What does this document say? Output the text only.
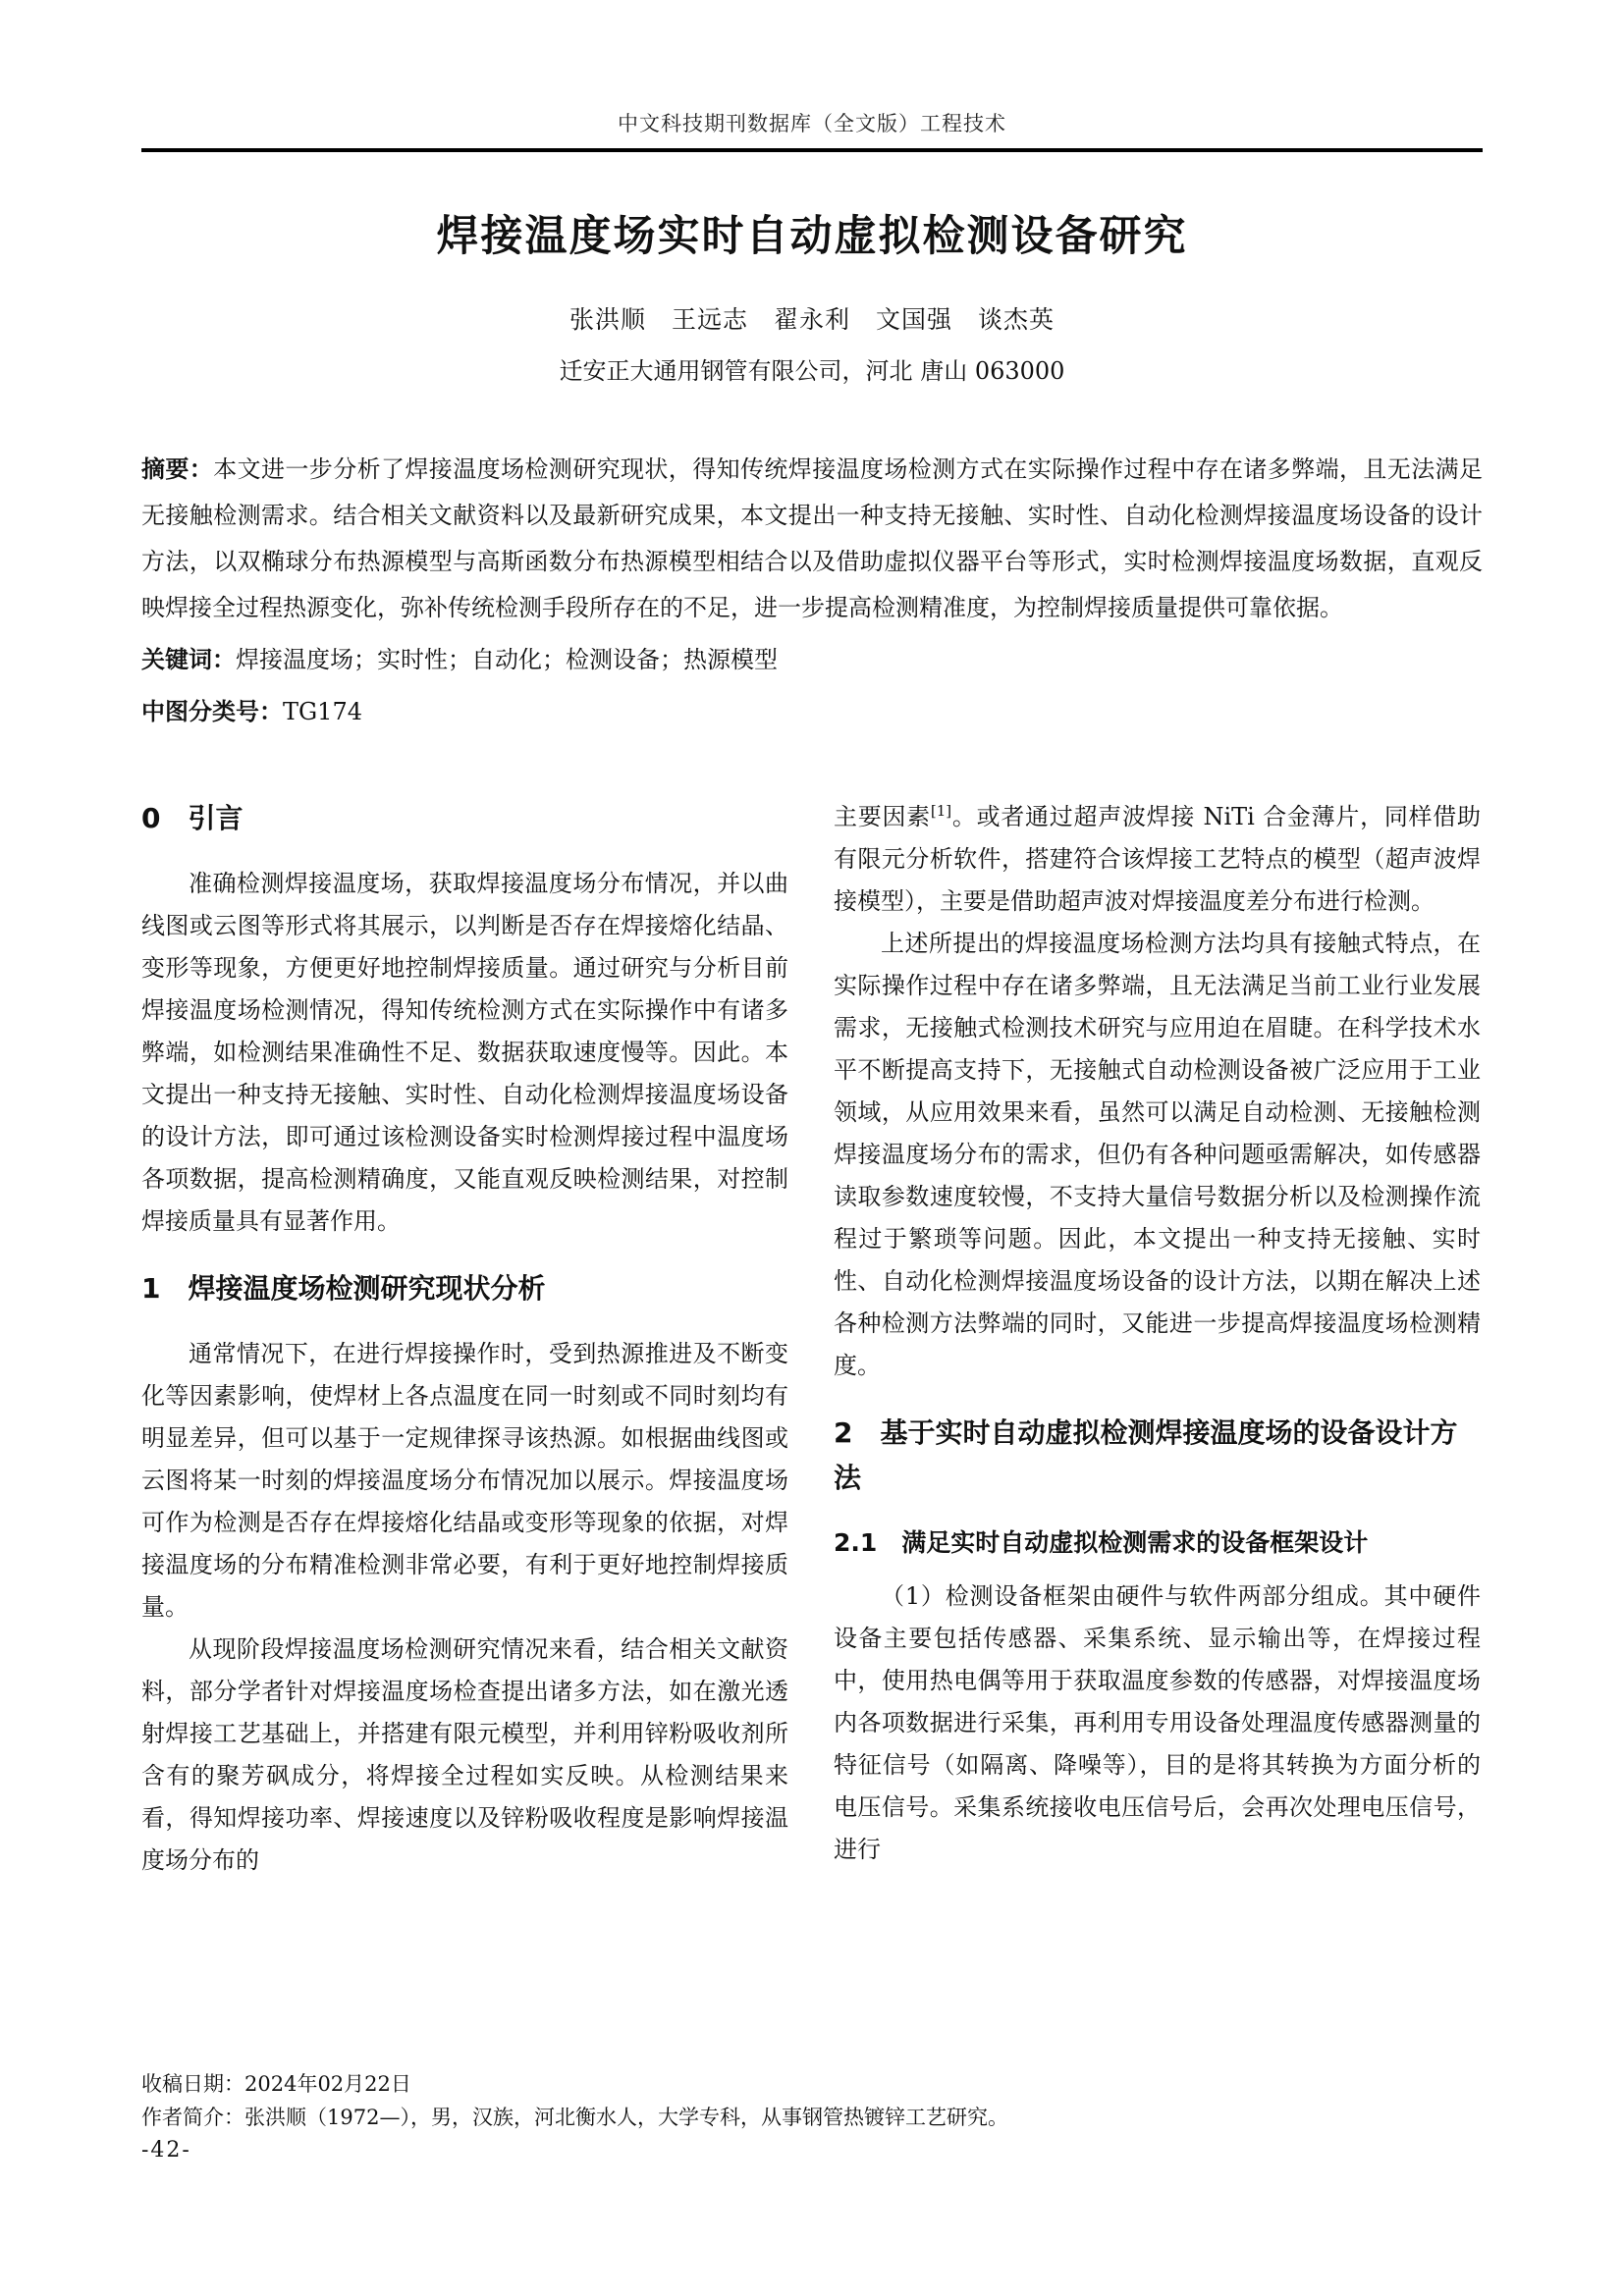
中文科技期刊数据库（全文版）工程技术
焊接温度场实时自动虚拟检测设备研究
张洪顺　王远志　翟永利　文国强　谈杰英
迁安正大通用钢管有限公司，河北 唐山 063000

摘要：本文进一步分析了焊接温度场检测研究现状，得知传统焊接温度场检测方式在实际操作过程中存在诸多弊端，且无法满足无接触检测需求。结合相关文献资料以及最新研究成果，本文提出一种支持无接触、实时性、自动化检测焊接温度场设备的设计方法，以双椭球分布热源模型与高斯函数分布热源模型相结合以及借助虚拟仪器平台等形式，实时检测焊接温度场数据，直观反映焊接全过程热源变化，弥补传统检测手段所存在的不足，进一步提高检测精准度，为控制焊接质量提供可靠依据。

关键词：焊接温度场；实时性；自动化；检测设备；热源模型

中图分类号：TG174

0　引言

准确检测焊接温度场，获取焊接温度场分布情况，并以曲线图或云图等形式将其展示，以判断是否存在焊接熔化结晶、变形等现象，方便更好地控制焊接质量。通过研究与分析目前焊接温度场检测情况，得知传统检测方式在实际操作中有诸多弊端，如检测结果准确性不足、数据获取速度慢等。因此。本文提出一种支持无接触、实时性、自动化检测焊接温度场设备的设计方法，即可通过该检测设备实时检测焊接过程中温度场各项数据，提高检测精确度，又能直观反映检测结果，对控制焊接质量具有显著作用。

1　焊接温度场检测研究现状分析

通常情况下，在进行焊接操作时，受到热源推进及不断变化等因素影响，使焊材上各点温度在同一时刻或不同时刻均有明显差异，但可以基于一定规律探寻该热源。如根据曲线图或云图将某一时刻的焊接温度场分布情况加以展示。焊接温度场可作为检测是否存在焊接熔化结晶或变形等现象的依据，对焊接温度场的分布精准检测非常必要，有利于更好地控制焊接质量。

从现阶段焊接温度场检测研究情况来看，结合相关文献资料，部分学者针对焊接温度场检查提出诸多方法，如在激光透射焊接工艺基础上，并搭建有限元模型，并利用锌粉吸收剂所含有的聚芳砜成分，将焊接全过程如实反映。从检测结果来看，得知焊接功率、焊接速度以及锌粉吸收程度是影响焊接温度场分布的

主要因素[1]。或者通过超声波焊接 NiTi 合金薄片，同样借助有限元分析软件，搭建符合该焊接工艺特点的模型（超声波焊接模型），主要是借助超声波对焊接温度差分布进行检测。

上述所提出的焊接温度场检测方法均具有接触式特点，在实际操作过程中存在诸多弊端，且无法满足当前工业行业发展需求，无接触式检测技术研究与应用迫在眉睫。在科学技术水平不断提高支持下，无接触式自动检测设备被广泛应用于工业领域，从应用效果来看，虽然可以满足自动检测、无接触检测焊接温度场分布的需求，但仍有各种问题亟需解决，如传感器读取参数速度较慢，不支持大量信号数据分析以及检测操作流程过于繁琐等问题。因此，本文提出一种支持无接触、实时性、自动化检测焊接温度场设备的设计方法，以期在解决上述各种检测方法弊端的同时，又能进一步提高焊接温度场检测精度。

2　基于实时自动虚拟检测焊接温度场的设备设计方法
2.1　满足实时自动虚拟检测需求的设备框架设计

（1）检测设备框架由硬件与软件两部分组成。其中硬件设备主要包括传感器、采集系统、显示输出等，在焊接过程中，使用热电偶等用于获取温度参数的传感器，对焊接温度场内各项数据进行采集，再利用专用设备处理温度传感器测量的特征信号（如隔离、降噪等），目的是将其转换为方面分析的电压信号。采集系统接收电压信号后，会再次处理电压信号，进行

收稿日期：2024年02月22日

作者简介：张洪顺（1972—），男，汉族，河北衡水人，大学专科，从事钢管热镀锌工艺研究。

-42-
